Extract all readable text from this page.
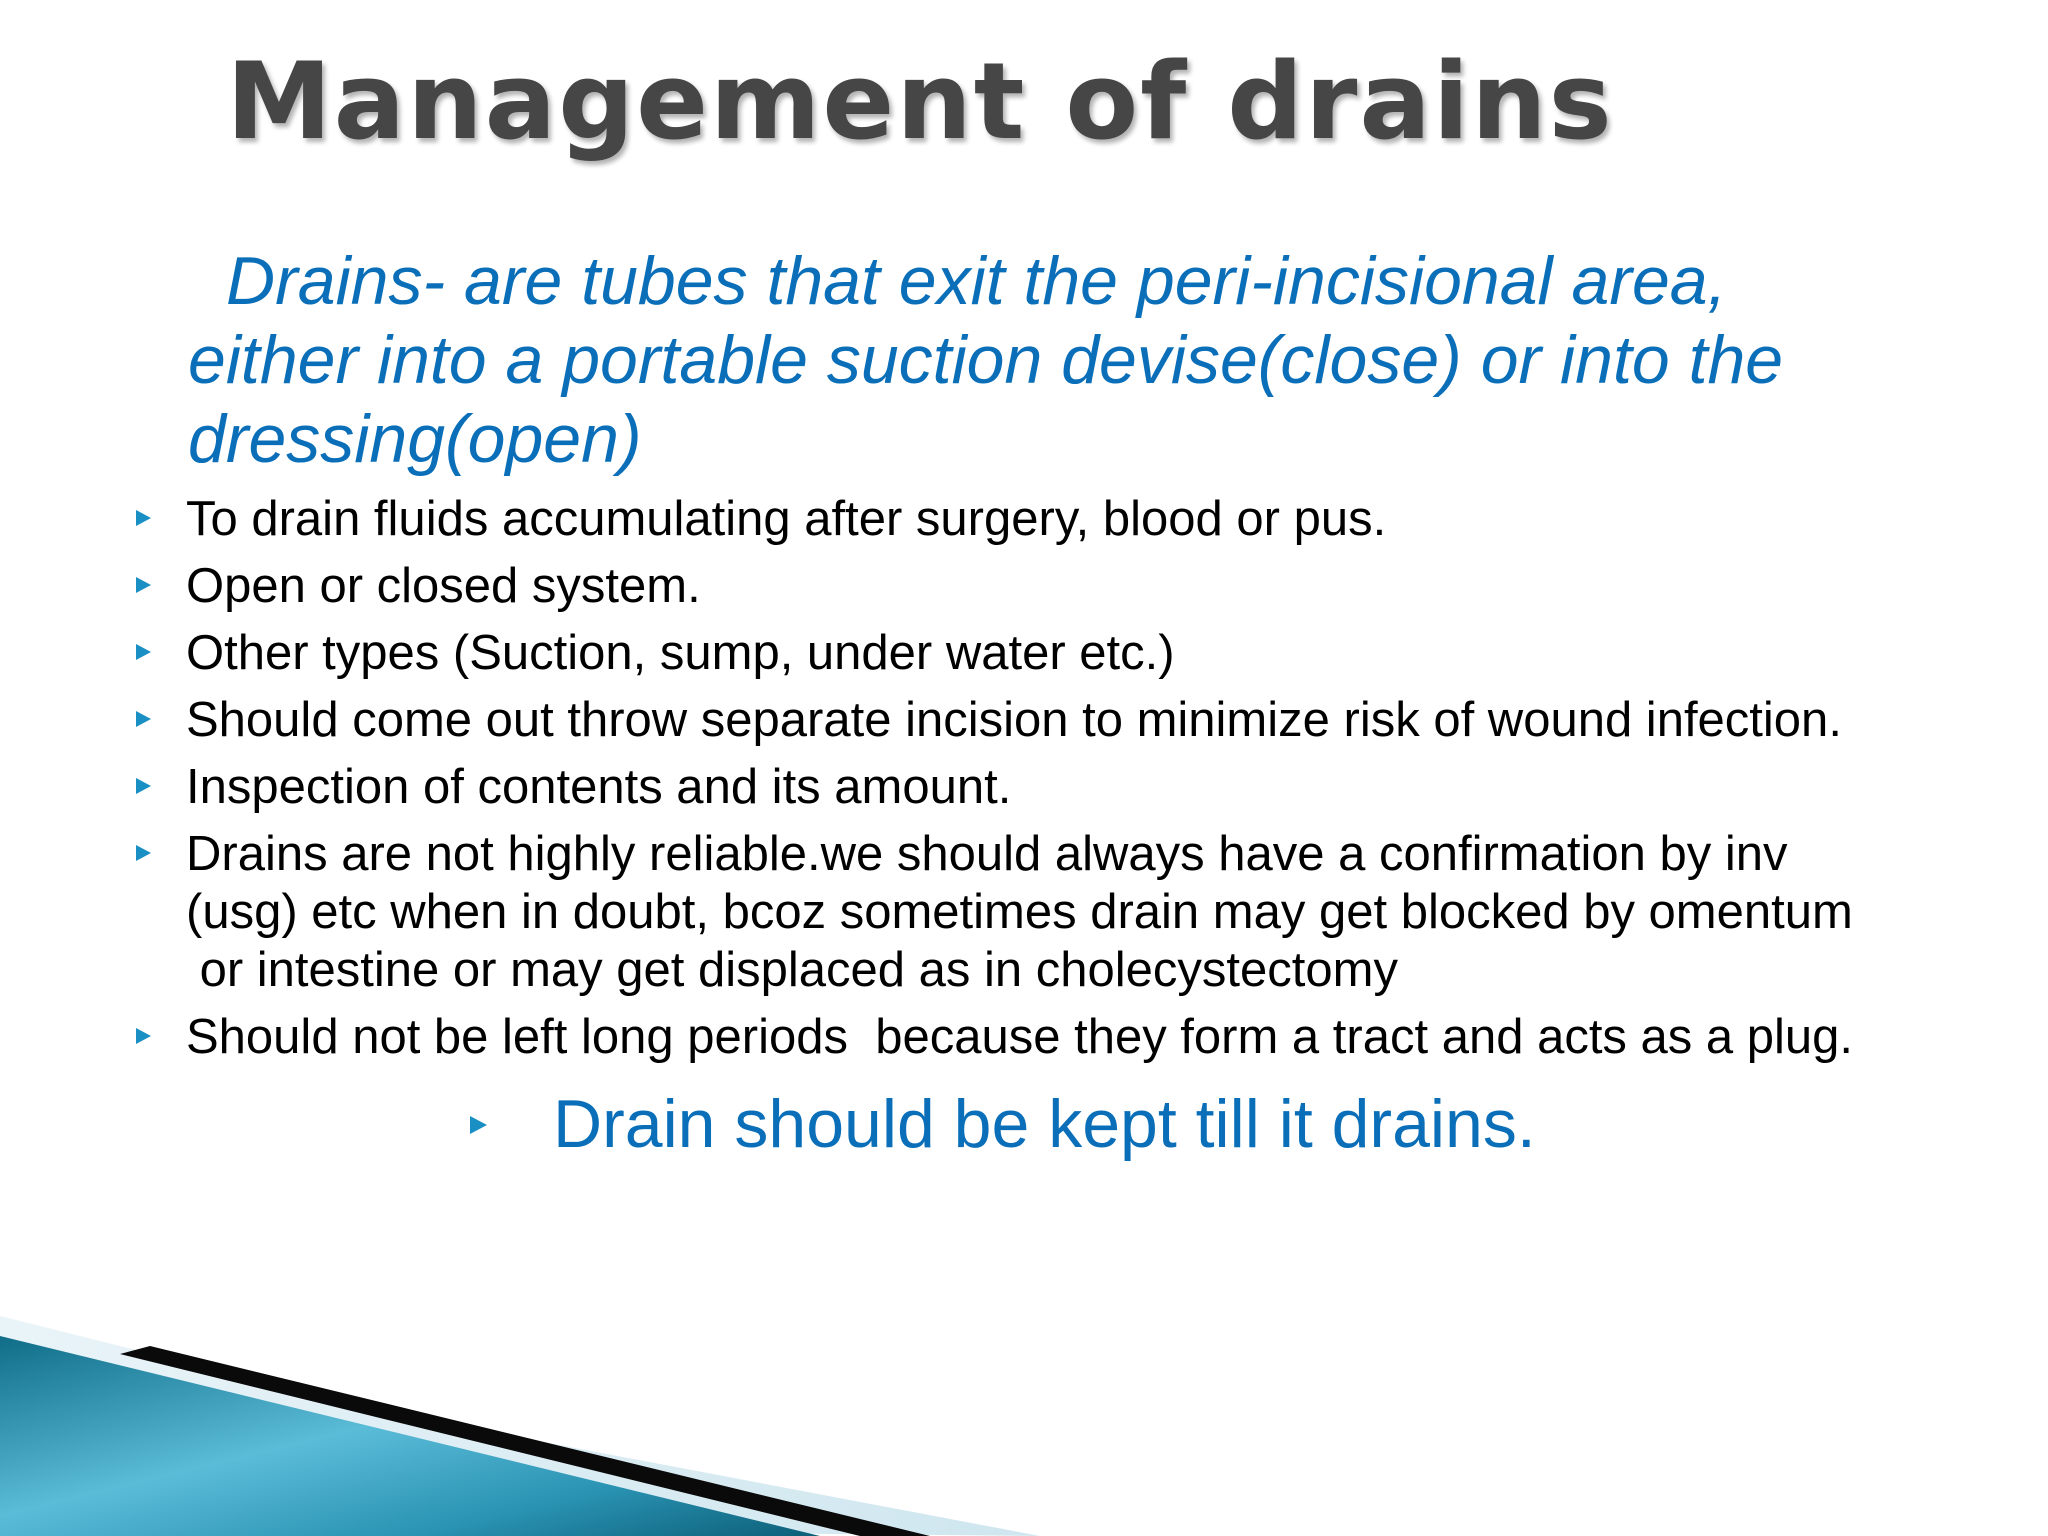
Management of drains
Drains- are tubes that exit the peri-incisional area,
either into a portable suction devise(close) or into the
dressing(open)
To drain fluids accumulating after surgery, blood or pus.
Open or closed system.
Other types (Suction, sump, under water etc.)
Should come out throw separate incision to minimize risk of wound infection.
Inspection of contents and its amount.
Drains are not highly reliable.we should always have a confirmation by inv
(usg) etc when in doubt, bcoz sometimes drain may get blocked by omentum
or intestine or may get displaced as in cholecystectomy
Should not be left long periods  because they form a tract and acts as a plug.
Drain should be kept till it drains.
